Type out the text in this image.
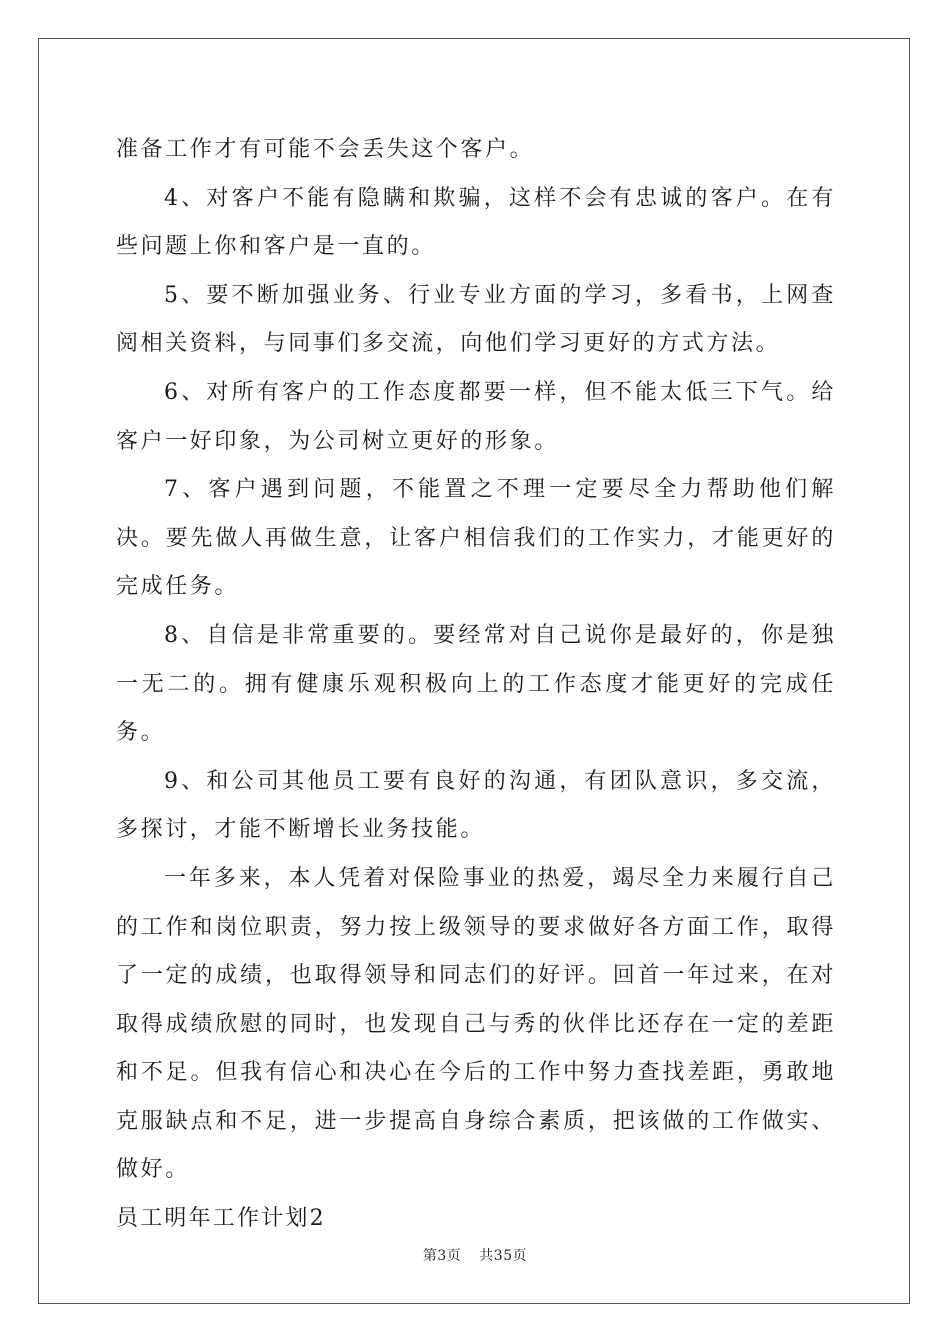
准备工作才有可能不会丢失这个客户。

4、对客户不能有隐瞒和欺骗，这样不会有忠诚的客户。在有些问题上你和客户是一直的。

5、要不断加强业务、行业专业方面的学习，多看书，上网查阅相关资料，与同事们多交流，向他们学习更好的方式方法。

6、对所有客户的工作态度都要一样，但不能太低三下气。给客户一好印象，为公司树立更好的形象。

7、客户遇到问题，不能置之不理一定要尽全力帮助他们解决。要先做人再做生意，让客户相信我们的工作实力，才能更好的完成任务。

8、自信是非常重要的。要经常对自己说你是最好的，你是独一无二的。拥有健康乐观积极向上的工作态度才能更好的完成任务。

9、和公司其他员工要有良好的沟通，有团队意识，多交流，多探讨，才能不断增长业务技能。

一年多来，本人凭着对保险事业的热爱，竭尽全力来履行自己的工作和岗位职责，努力按上级领导的要求做好各方面工作，取得了一定的成绩，也取得领导和同志们的好评。回首一年过来，在对取得成绩欣慰的同时，也发现自己与秀的伙伴比还存在一定的差距和不足。但我有信心和决心在今后的工作中努力查找差距，勇敢地克服缺点和不足，进一步提高自身综合素质，把该做的工作做实、做好。

员工明年工作计划2

第3页 共35页
